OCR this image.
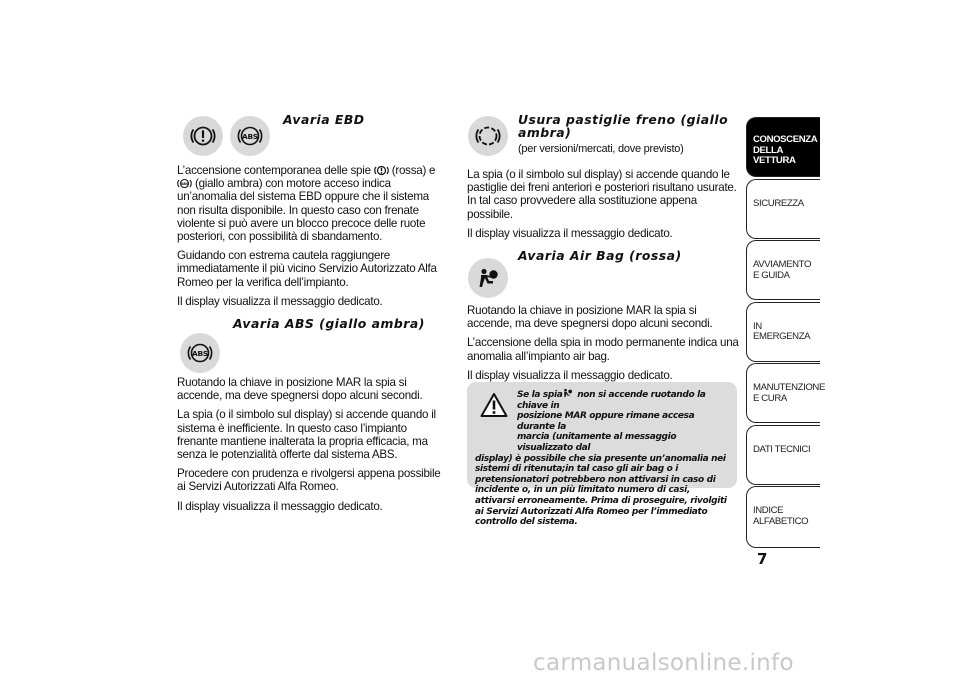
ABS
Avaria EBD

L’accensione contemporanea delle spie  (rossa) e
ABS (giallo ambra) con motore acceso indica un’anomalia del sistema EBD oppure che il sistema non risulta disponibile. In questo caso con frenate violente si può avere un blocco precoce delle ruote posteriori, con possibilità di sbandamento.

Guidando con estrema cautela raggiungere immediatamente il più vicino Servizio Autorizzato Alfa Romeo per la verifica dell’impianto.

Il display visualizza il messaggio dedicato.

ABS
Avaria ABS (giallo ambra)

Ruotando la chiave in posizione MAR la spia si accende, ma deve spegnersi dopo alcuni secondi.

La spia (o il simbolo sul display) si accende quando il sistema è inefficiente. In questo caso l’impianto frenante mantiene inalterata la propria efficacia, ma senza le potenzialità offerte dal sistema ABS.

Procedere con prudenza e rivolgersi appena possibile ai Servizi Autorizzati Alfa Romeo.

Il display visualizza il messaggio dedicato.

Usura pastiglie freno (giallo ambra)
(per versioni/mercati, dove previsto)

La spia (o il simbolo sul display) si accende quando le pastiglie dei freni anteriori e posteriori risultano usurate. In tal caso provvedere alla sostituzione appena possibile.

Il display visualizza il messaggio dedicato.

Avaria Air Bag (rossa)

Ruotando la chiave in posizione MAR la spia si accende, ma deve spegnersi dopo alcuni secondi.

L’accensione della spia in modo permanente indica una anomalia all’impianto air bag.

Il display visualizza il messaggio dedicato.

Se la spia non si accende ruotando la chiave in
posizione MAR oppure rimane accesa durante la
marcia (unitamente al messaggio visualizzato dal
display) è possibile che sia presente un’anomalia nei sistemi di ritenuta;in tal caso gli air bag o i pretensionatori potrebbero non attivarsi in caso di incidente o, in un più limitato numero di casi, attivarsi erroneamente. Prima di proseguire, rivolgiti ai Servizi Autorizzati Alfa Romeo per l’immediato controllo del sistema.
CONOSCENZA DELLA VETTURA
SICUREZZA
AVVIAMENTO E GUIDA
IN EMERGENZA
MANUTENZIONE E CURA
DATI TECNICI
INDICE ALFABETICO
7
carmanualsonline.info
